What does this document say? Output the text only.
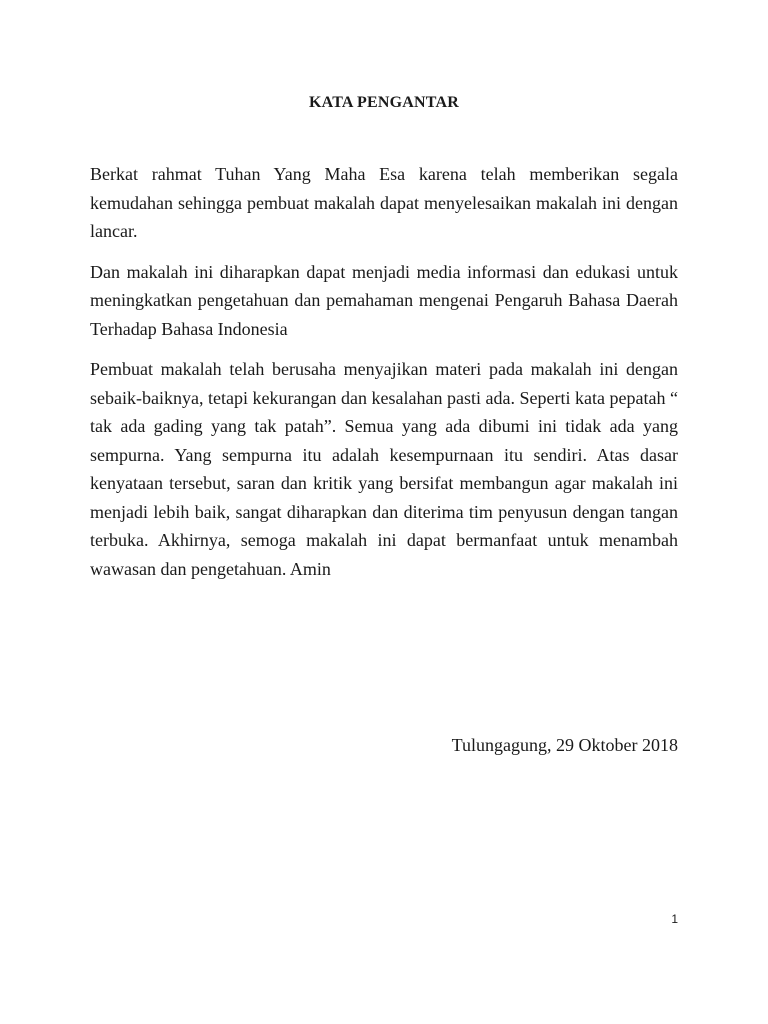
KATA PENGANTAR

Berkat rahmat Tuhan Yang Maha Esa karena telah memberikan segala kemudahan sehingga pembuat makalah dapat menyelesaikan makalah ini dengan lancar.

Dan makalah ini diharapkan dapat menjadi media informasi dan edukasi untuk meningkatkan pengetahuan dan pemahaman mengenai Pengaruh Bahasa Daerah Terhadap Bahasa Indonesia

Pembuat makalah telah berusaha menyajikan materi pada makalah ini dengan sebaik-baiknya, tetapi kekurangan dan kesalahan pasti ada. Seperti kata pepatah “ tak ada gading yang tak patah”. Semua yang ada dibumi ini tidak ada yang sempurna. Yang sempurna itu adalah kesempurnaan itu sendiri. Atas dasar kenyataan tersebut, saran dan kritik yang bersifat membangun agar makalah ini menjadi lebih baik, sangat diharapkan dan diterima tim penyusun dengan tangan terbuka. Akhirnya, semoga makalah ini dapat bermanfaat untuk menambah wawasan dan pengetahuan. Amin

Tulungagung, 29 Oktober 2018
1
